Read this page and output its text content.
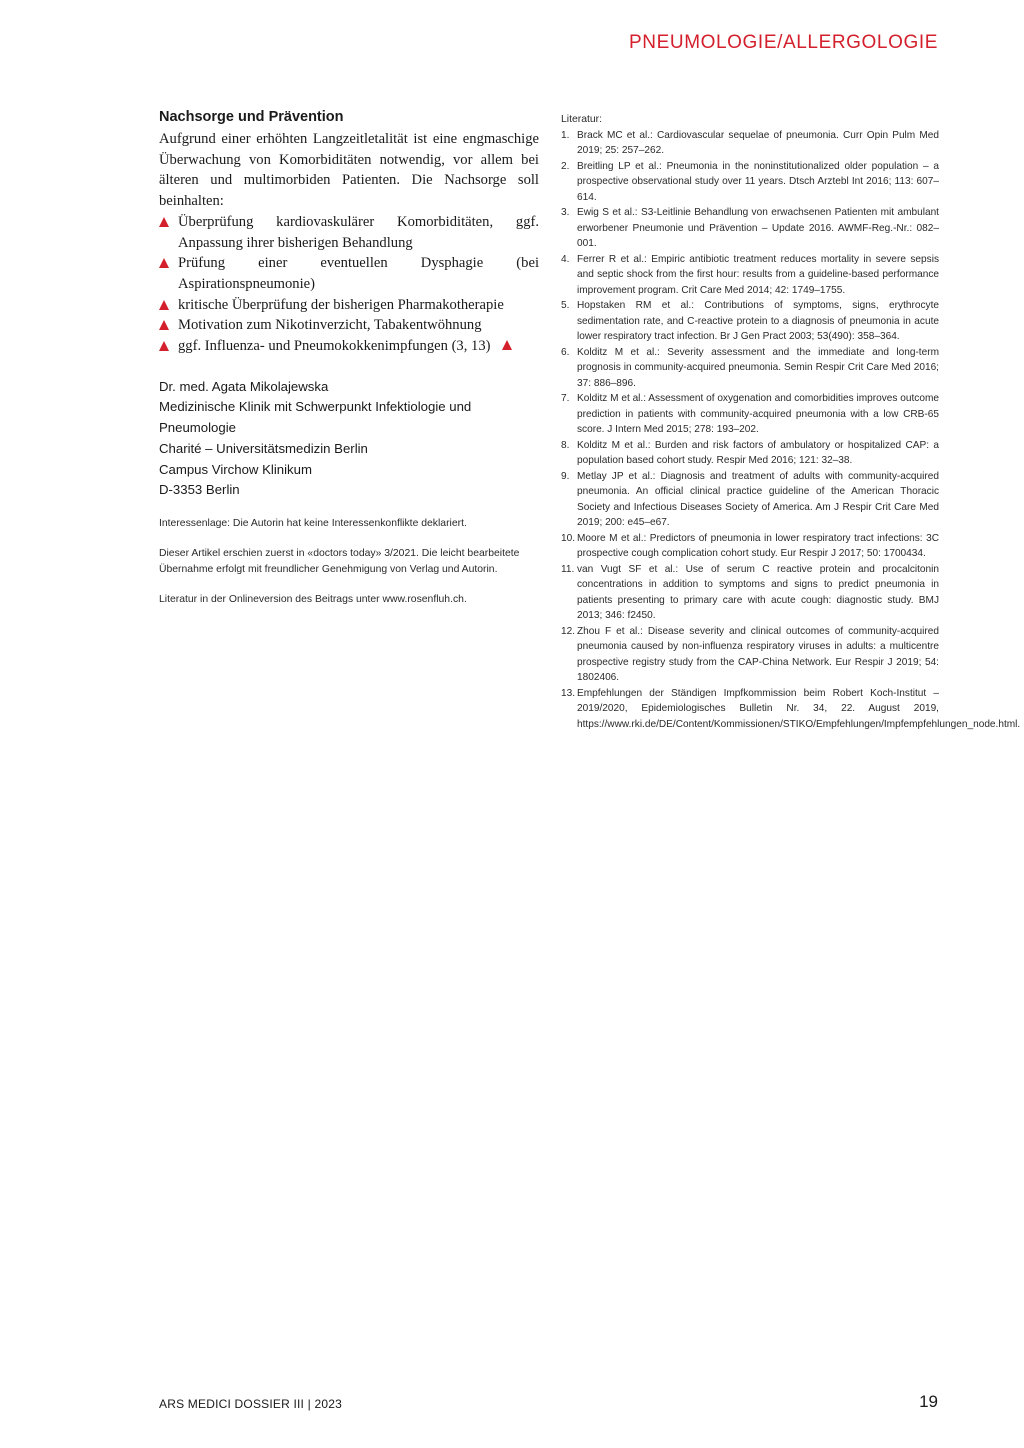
PNEUMOLOGIE/ALLERGOLOGIE
Nachsorge und Prävention

Aufgrund einer erhöhten Langzeitletalität ist eine engmaschige Überwachung von Komorbiditäten notwendig, vor allem bei älteren und multimorbiden Patienten. Die Nachsorge soll beinhalten:

Überprüfung kardiovaskulärer Komorbiditäten, ggf. Anpassung ihrer bisherigen Behandlung
Prüfung einer eventuellen Dysphagie (bei Aspirationspneumonie)
kritische Überprüfung der bisherigen Pharmakotherapie
Motivation zum Nikotinverzicht, Tabakentwöhnung
ggf. Influenza- und Pneumokokkenimpfungen (3, 13)
Dr. med. Agata Mikolajewska
Medizinische Klinik mit Schwerpunkt Infektiologie und Pneumologie
Charité – Universitätsmedizin Berlin
Campus Virchow Klinikum
D-3353 Berlin

Interessenlage: Die Autorin hat keine Interessenkonflikte deklariert.

Dieser Artikel erschien zuerst in «doctors today» 3/2021. Die leicht bearbeitete Übernahme erfolgt mit freundlicher Genehmigung von Verlag und Autorin.

Literatur in der Onlineversion des Beitrags unter www.rosenfluh.ch.

Literatur:
1. Brack MC et al.: Cardiovascular sequelae of pneumonia. Curr Opin Pulm Med 2019; 25: 257–262.
2. Breitling LP et al.: Pneumonia in the noninstitutionalized older population – a prospective observational study over 11 years. Dtsch Arztebl Int 2016; 113: 607–614.
3. Ewig S et al.: S3-Leitlinie Behandlung von erwachsenen Patienten mit ambulant erworbener Pneumonie und Prävention – Update 2016. AWMF-Reg.-Nr.: 082–001.
4. Ferrer R et al.: Empiric antibiotic treatment reduces mortality in severe sepsis and septic shock from the first hour: results from a guideline-based performance improvement program. Crit Care Med 2014; 42: 1749–1755.
5. Hopstaken RM et al.: Contributions of symptoms, signs, erythrocyte sedimentation rate, and C-reactive protein to a diagnosis of pneumonia in acute lower respiratory tract infection. Br J Gen Pract 2003; 53(490): 358–364.
6. Kolditz M et al.: Severity assessment and the immediate and long-term prognosis in community-acquired pneumonia. Semin Respir Crit Care Med 2016; 37: 886–896.
7. Kolditz M et al.: Assessment of oxygenation and comorbidities improves outcome prediction in patients with community-acquired pneumonia with a low CRB-65 score. J Intern Med 2015; 278: 193–202.
8. Kolditz M et al.: Burden and risk factors of ambulatory or hospitalized CAP: a population based cohort study. Respir Med 2016; 121: 32–38.
9. Metlay JP et al.: Diagnosis and treatment of adults with community-acquired pneumonia. An official clinical practice guideline of the American Thoracic Society and Infectious Diseases Society of America. Am J Respir Crit Care Med 2019; 200: e45–e67.
10. Moore M et al.: Predictors of pneumonia in lower respiratory tract infections: 3C prospective cough complication cohort study. Eur Respir J 2017; 50: 1700434.
11. van Vugt SF et al.: Use of serum C reactive protein and procalcitonin concentrations in addition to symptoms and signs to predict pneumonia in patients presenting to primary care with acute cough: diagnostic study. BMJ 2013; 346: f2450.
12. Zhou F et al.: Disease severity and clinical outcomes of community-acquired pneumonia caused by non-influenza respiratory viruses in adults: a multicentre prospective registry study from the CAP-China Network. Eur Respir J 2019; 54: 1802406.
13. Empfehlungen der Ständigen Impfkommission beim Robert Koch-Institut – 2019/2020, Epidemiologisches Bulletin Nr. 34, 22. August 2019, https://www.rki.de/DE/Content/Kommissionen/STIKO/Empfehlungen/Impfempfehlungen_node.html.
ARS MEDICI DOSSIER III | 2023	19
